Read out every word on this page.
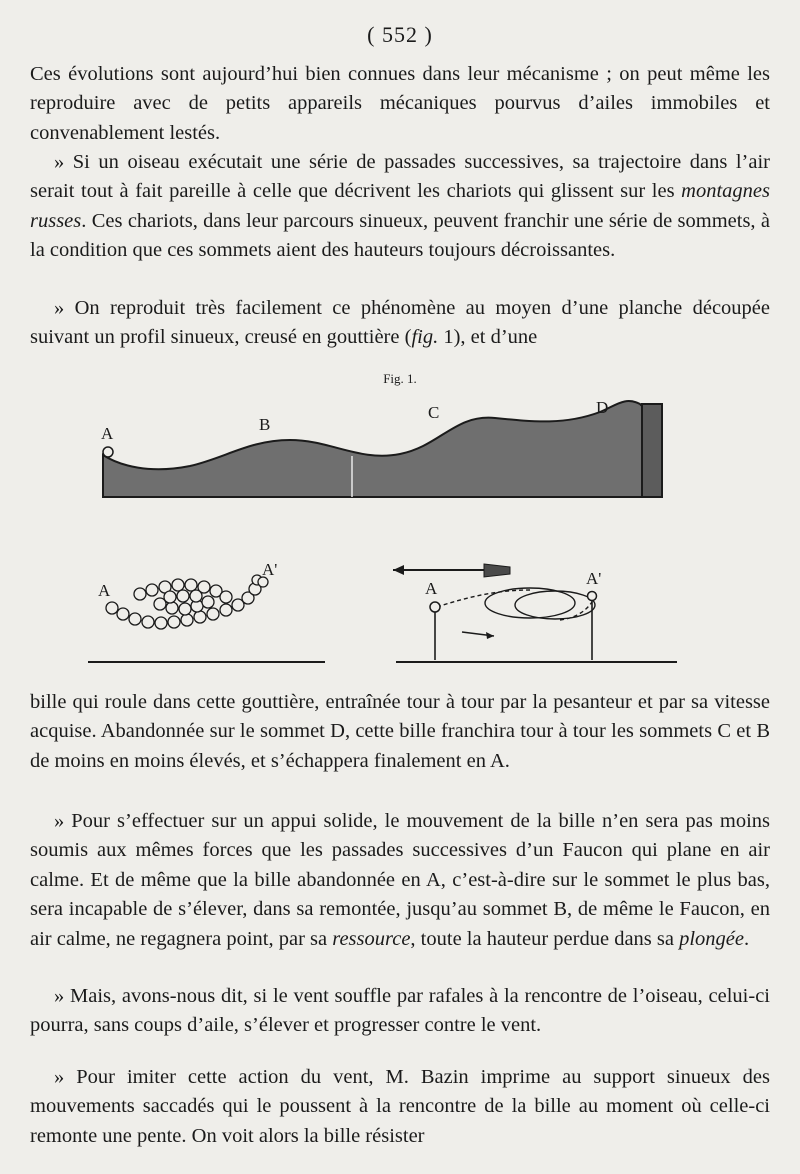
( 552 )
Ces évolutions sont aujourd’hui bien connues dans leur mécanisme ; on peut même les reproduire avec de petits appareils mécaniques pourvus d’ailes immobiles et convenablement lestés.
» Si un oiseau exécutait une série de passades successives, sa trajectoire dans l’air serait tout à fait pareille à celle que décrivent les chariots qui glissent sur les montagnes russes. Ces chariots, dans leur parcours sinueux, peuvent franchir une série de sommets, à la condition que ces sommets aient des hauteurs toujours décroissantes.
» On reproduit très facilement ce phénomène au moyen d’une planche découpée suivant un profil sinueux, creusé en gouttière (fig. 1), et d’une
Fig. 1.
A	B
C	D
A
A'
A
A'
bille qui roule dans cette gouttière, entraînée tour à tour par la pesanteur et par sa vitesse acquise. Abandonnée sur le sommet D, cette bille franchira tour à tour les sommets C et B de moins en moins élevés, et s’échappera finalement en A.
» Pour s’effectuer sur un appui solide, le mouvement de la bille n’en sera pas moins soumis aux mêmes forces que les passades successives d’un Faucon qui plane en air calme. Et de même que la bille abandonnée en A, c’est-à-dire sur le sommet le plus bas, sera incapable de s’élever, dans sa remontée, jusqu’au sommet B, de même le Faucon, en air calme, ne regagnera point, par sa ressource, toute la hauteur perdue dans sa plongée.
» Mais, avons-nous dit, si le vent souffle par rafales à la rencontre de l’oiseau, celui-ci pourra, sans coups d’aile, s’élever et progresser contre le vent.
» Pour imiter cette action du vent, M. Bazin imprime au support sinueux des mouvements saccadés qui le poussent à la rencontre de la bille au moment où celle-ci remonte une pente. On voit alors la bille résister
